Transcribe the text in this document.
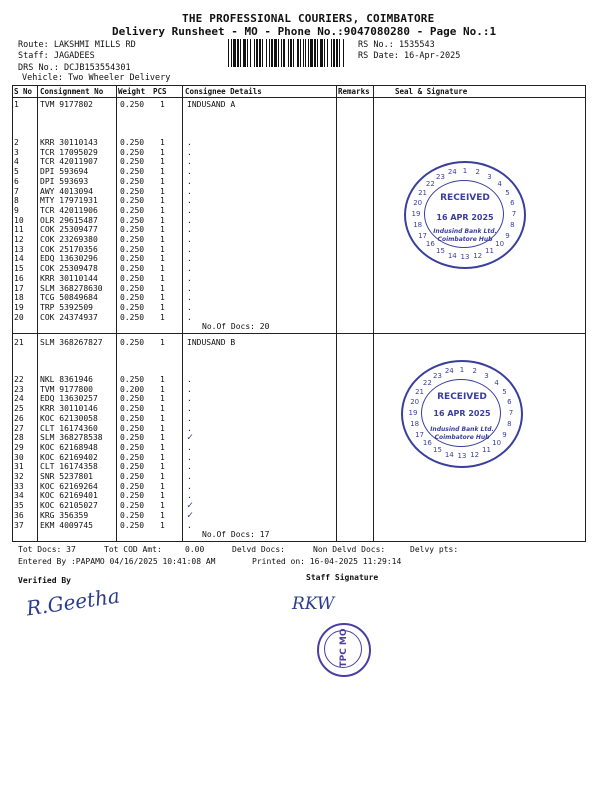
THE PROFESSIONAL COURIERS, COIMBATORE
Delivery Runsheet - MO - Phone No.:9047080280 - Page No.:1
Route: LAKSHMI MILLS RD
Staff: JAGADEES
DRS No.: DCJB153554301
Vehicle: Two Wheeler Delivery
RS No.: 1535543
RS Date: 16-Apr-2025
S No Consignment No Weight PCS Consignee Details	Remarks	Seal & Signature
1	TVM 9177802	0.250 1	INDUSAND A
2	KRR 30110143	0.250 1	.
3	TCR 17095029	0.250 1	.
4	TCR 42011907	0.250 1	.
5	DPI 593694	0.250 1	.
6	DPI 593693	0.250 1	.
7	AWY 4013094	0.250 1	.
8	MTY 17971931	0.250 1	.
9	TCR 42011906	0.250 1	.
10 OLR 29615487	0.250 1	.
11 COK 25309477	0.250 1	.
12 COK 23269380	0.250 1	.
13 COK 25170356	0.250 1	.
14 EDQ 13630296	0.250 1	.
15 COK 25309478	0.250 1	.
16 KRR 30110144	0.250 1	.
17 SLM 368278630 0.250 1	.
18 TCG 50849684	0.250 1	.
19 TRP 5392509	0.250 1	.
20 COK 24374937	0.250 1	.
No.Of Docs: 20
21 SLM 368267827 0.250 1	INDUSAND B
22 NKL 8361946	0.250 1	.
23 TVM 9177800	0.200 1	.
24 EDQ 13630257	0.250 1	.
25 KRR 30110146	0.250 1	.
26 KOC 62130058	0.250 1	.
27 CLT 16174360	0.250 1	.
28 SLM 368278538 0.250 1 ✓
29 KOC 62168948	0.250 1	.
30 KOC 62169402	0.250 1	.
31 CLT 16174358	0.250 1	.
32 SNR 5237801	0.250 1	.
33 KOC 62169264	0.250 1	.
34 KOC 62169401	0.250 1	.
35 KOC 62105027	0.250 1 ✓
36 KRG 356359	0.250 1 ✓
37 EKM 4009745	0.250 1	.
No.Of Docs: 17
RECEIVED
16 APR 2025
Indusind Bank Ltd.
Coimbatore Hub
1	2
3
4
5
6
7
8
9
10
11
12
13
14
15
16
17
18
19
20
21
22
23
24
RECEIVED
16 APR 2025
Indusind Bank Ltd.
Coimbatore Hub
1	2
3
4
5
6
7
8
9
10
11
12
13
14
15
16
17
18
19
20
21
22
23
24
Tot Docs: 37	Tot COD Amt:	0.00	Delvd Docs:	Non Delvd Docs:	Delvy pts:
Entered By :PAPAMO 04/16/2025 10:41:08 AM	Printed on: 16-04-2025 11:29:14
Verified By	Staff Signature
R.Geetha	RKW
TPC MO
